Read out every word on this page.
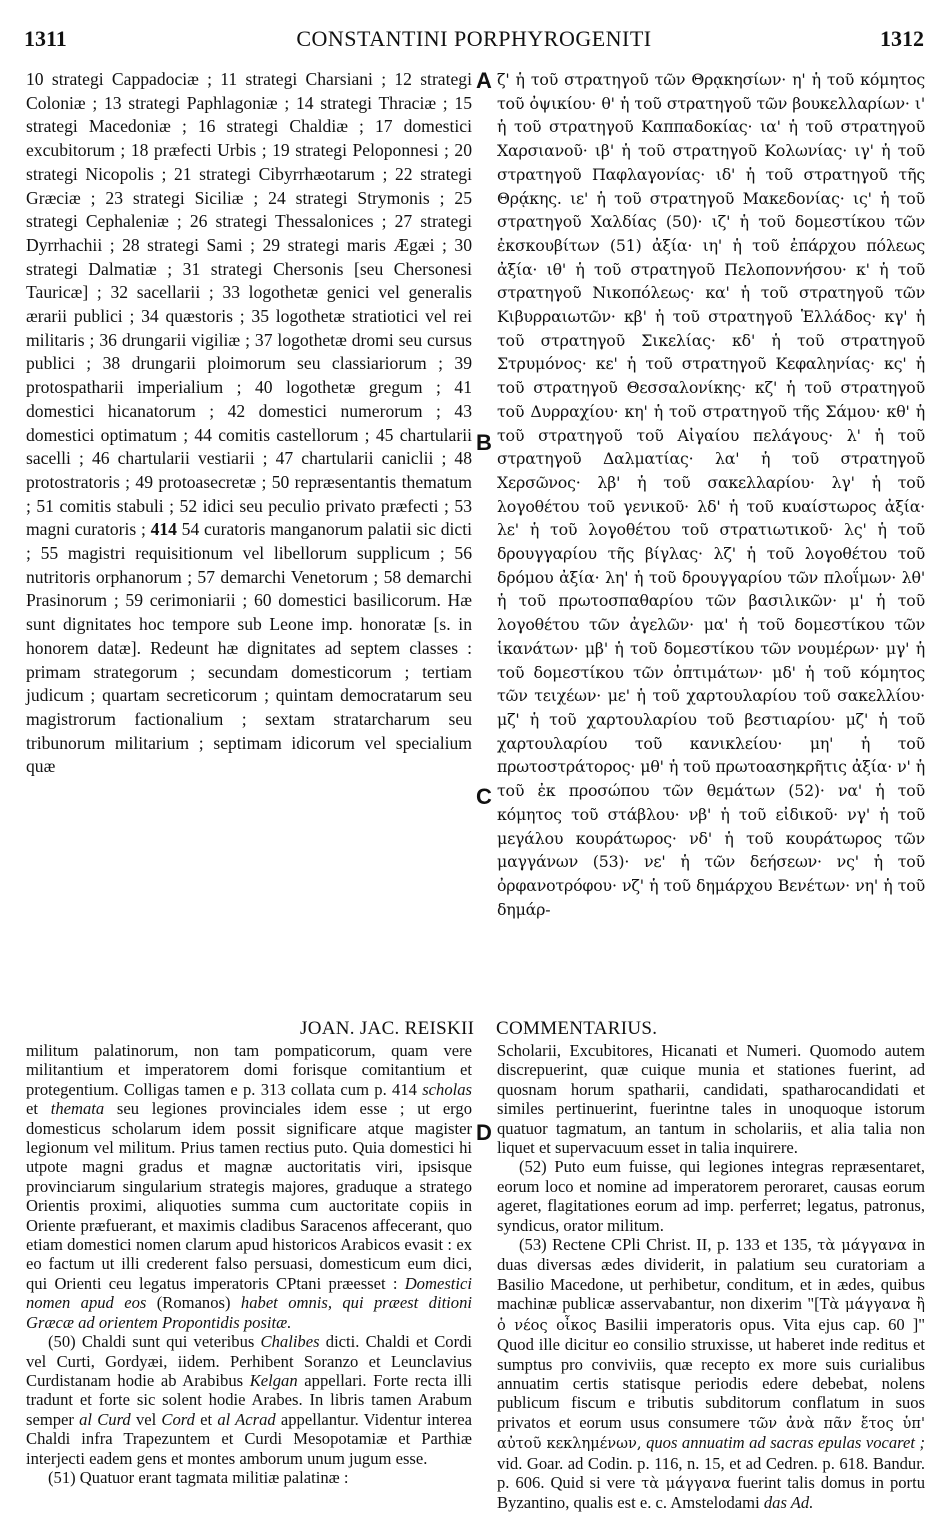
1311	CONSTANTINI PORPHYROGENITI	1312

10 strategi Cappadociæ ; 11 strategi Charsiani ; 12 strategi Coloniæ ; 13 strategi Paphlagoniæ ; 14 strategi Thraciæ ; 15 strategi Macedoniæ ; 16 strategi Chaldiæ ; 17 domestici excubitorum ; 18 præfecti Urbis ; 19 strategi Peloponnesi ; 20 strategi Nicopolis ; 21 strategi Cibyrrhæotarum ; 22 strategi Græciæ ; 23 strategi Siciliæ ; 24 strategi Strymonis ; 25 strategi Cephaleniæ ; 26 strategi Thessalonices ; 27 strategi Dyrrhachii ; 28 strategi Sami ; 29 strategi maris Ægæi ; 30 strategi Dalmatiæ ; 31 strategi Chersonis [seu Chersonesi Tauricæ] ; 32 sacellarii ; 33 logothetæ genici vel generalis ærarii publici ; 34 quæstoris ; 35 logothetæ stratiotici vel rei militaris ; 36 drungarii vigiliæ ; 37 logothetæ dromi seu cursus publici ; 38 drungarii ploimorum seu classiariorum ; 39 protospatharii imperialium ; 40 logothetæ gregum ; 41 domestici hicanatorum ; 42 domestici numerorum ; 43 domestici optimatum ; 44 comitis castellorum ; 45 chartularii sacelli ; 46 chartularii vestiarii ; 47 chartularii caniclii ; 48 protostratoris ; 49 protoasecretæ ; 50 repræsentantis thematum ; 51 comitis stabuli ; 52 idici seu peculio privato præfecti ; 53 magni curatoris ; 414 54 curatoris manganorum palatii sic dicti ; 55 magistri requisitionum vel libellorum supplicum ; 56 nutritoris orphanorum ; 57 demarchi Venetorum ; 58 demarchi Prasinorum ; 59 cerimoniarii ; 60 domestici basilicorum. Hæ sunt dignitates hoc tempore sub Leone imp. honoratæ [s. in honorem datæ]. Redeunt hæ dignitates ad septem classes : primam strategorum ; secundam domesticorum ; tertiam judicum ; quartam secreticorum ; quintam democratarum seu magistrorum factionalium ; sextam stratarcharum seu tribunorum militarium ; septimam idicorum vel specialium quæ

A
B
C
D

ζ' ἡ τοῦ στρατηγοῦ τῶν Θρᾳκησίων· η' ἡ τοῦ κόμητος τοῦ ὀψικίου· θ' ἡ τοῦ στρατηγοῦ τῶν βουκελλαρίων· ι' ἡ τοῦ στρατηγοῦ Καππαδοκίας· ια' ἡ τοῦ στρατηγοῦ Χαρσιανοῦ· ιβ' ἡ τοῦ στρατηγοῦ Κολωνίας· ιγ' ἡ τοῦ στρατηγοῦ Παφλαγονίας· ιδ' ἡ τοῦ στρατηγοῦ τῆς Θρᾴκης. ιε' ἡ τοῦ στρατηγοῦ Μακεδονίας· ις' ἡ τοῦ στρατηγοῦ Χαλδίας (50)· ιζ' ἡ τοῦ δομεστίκου τῶν ἐκσκουβίτων (51) ἀξία· ιη' ἡ τοῦ ἐπάρχου πόλεως ἀξία· ιθ' ἡ τοῦ στρατηγοῦ Πελοποννήσου· κ' ἡ τοῦ στρατηγοῦ Νικοπόλεως· κα' ἡ τοῦ στρατηγοῦ τῶν Κιβυρραιωτῶν· κβ' ἡ τοῦ στρατηγοῦ Ἑλλάδος· κγ' ἡ τοῦ στρατηγοῦ Σικελίας· κδ' ἡ τοῦ στρατηγοῦ Στρυμόνος· κε' ἡ τοῦ στρατηγοῦ Κεφαληνίας· κς' ἡ τοῦ στρατηγοῦ Θεσσαλονίκης· κζ' ἡ τοῦ στρατηγοῦ τοῦ Δυρραχίου· κη' ἡ τοῦ στρατηγοῦ τῆς Σάμου· κθ' ἡ τοῦ στρατηγοῦ τοῦ Αἰγαίου πελάγους· λ' ἡ τοῦ στρατηγοῦ Δαλματίας· λα' ἡ τοῦ στρατηγοῦ Χερσῶνος· λβ' ἡ τοῦ σακελλαρίου· λγ' ἡ τοῦ λογοθέτου τοῦ γενικοῦ· λδ' ἡ τοῦ κυαίστωρος ἀξία· λε' ἡ τοῦ λογοθέτου τοῦ στρατιωτικοῦ· λς' ἡ τοῦ δρουγγαρίου τῆς βίγλας· λζ' ἡ τοῦ λογοθέτου τοῦ δρόμου ἀξία· λη' ἡ τοῦ δρουγγαρίου τῶν πλοΐμων· λθ' ἡ τοῦ πρωτοσπαθαρίου τῶν βασιλικῶν· μ' ἡ τοῦ λογοθέτου τῶν ἀγελῶν· μα' ἡ τοῦ δομεστίκου τῶν ἱκανάτων· μβ' ἡ τοῦ δομεστίκου τῶν νουμέρων· μγ' ἡ τοῦ δομεστίκου τῶν ὀπτιμάτων· μδ' ἡ τοῦ κόμητος τῶν τειχέων· με' ἡ τοῦ χαρτουλαρίου τοῦ σακελλίου· μζ' ἡ τοῦ χαρτουλαρίου τοῦ βεστιαρίου· μζ' ἡ τοῦ χαρτουλαρίου τοῦ κανικλείου· μη' ἡ τοῦ πρωτοστράτορος· μθ' ἡ τοῦ πρωτοασηκρῆτις ἀξία· ν' ἡ τοῦ ἐκ προσώπου τῶν θεμάτων (52)· να' ἡ τοῦ κόμητος τοῦ στάβλου· νβ' ἡ τοῦ εἰδικοῦ· νγ' ἡ τοῦ μεγάλου κουράτωρος· νδ' ἡ τοῦ κουράτωρος τῶν μαγγάνων (53)· νε' ἡ τῶν δεήσεων· νς' ἡ τοῦ ὀρφανοτρόφου· νζ' ἡ τοῦ δημάρχου Βενέτων· νη' ἡ τοῦ δημάρ-

JOAN. JAC. REISKII COMMENTARIUS.

militum palatinorum, non tam pompaticorum, quam vere militantium et imperatorem domi forisque comitantium et protegentium. Colligas tamen e p. 313 collata cum p. 414 scholas et themata seu legiones provinciales idem esse ; ut ergo domesticus scholarum idem possit significare atque magister legionum vel militum. Prius tamen rectius puto. Quia domestici hi utpote magni gradus et magnæ auctoritatis viri, ipsisque provinciarum singularium strategis majores, graduque a stratego Orientis proximi, aliquoties summa cum auctoritate copiis in Oriente præfuerant, et maximis cladibus Saracenos affecerant, quo etiam domestici nomen clarum apud historicos Arabicos evasit : ex eo factum ut illi crederent falso persuasi, domesticum eum dici, qui Orienti ceu legatus imperatoris CPtani præesset : Domestici nomen apud eos (Romanos) habet omnis, qui præest ditioni Græcæ ad orientem Propontidis positæ.

(50) Chaldi sunt qui veteribus Chalibes dicti. Chaldi et Cordi vel Curti, Gordyæi, iidem. Perhibent Soranzo et Leunclavius Curdistanam hodie ab Arabibus Kelgan appellari. Forte recta illi tradunt et forte sic solent hodie Arabes. In libris tamen Arabum semper al Curd vel Cord et al Acrad appellantur. Videntur interea Chaldi infra Trapezuntem et Curdi Mesopotamiæ et Parthiæ interjecti eadem gens et montes amborum unum jugum esse.

(51) Quatuor erant tagmata militiæ palatinæ :

Scholarii, Excubitores, Hicanati et Numeri. Quomodo autem discrepuerint, quæ cuique munia et stationes fuerint, ad quosnam horum spatharii, candidati, spatharocandidati et similes pertinuerint, fuerintne tales in unoquoque istorum quatuor tagmatum, an tantum in scholariis, et alia talia non liquet et supervacuum esset in talia inquirere.

(52) Puto eum fuisse, qui legiones integras repræsentaret, eorum loco et nomine ad imperatorem peroraret, causas eorum ageret, flagitationes eorum ad imp. perferret; legatus, patronus, syndicus, orator militum.

(53) Rectene CPli Christ. II, p. 133 et 135, τὰ μάγγανα in duas diversas ædes dividerit, in palatium seu curatoriam a Basilio Macedone, ut perhibetur, conditum, et in ædes, quibus machinæ publicæ asservabantur, non dixerim "[Τὰ μάγγανα ἢ ὁ νέος οἶκος Basilii imperatoris opus. Vita ejus cap. 60 ]" Quod ille dicitur eo consilio struxisse, ut haberet inde reditus et sumptus pro conviviis, quæ recepto ex more suis curialibus annuatim certis statisque periodis edere debebat, nolens publicum fiscum e tributis subditorum conflatum in suos privatos et eorum usus consumere τῶν ἀνὰ πᾶν ἔτος ὑπ' αὐτοῦ κεκλημένων, quos annuatim ad sacras epulas vocaret ; vid. Goar. ad Codin. p. 116, n. 15, et ad Cedren. p. 618. Bandur. p. 606. Quid si vere τὰ μάγγανα fuerint talis domus in portu Byzantino, qualis est e. c. Amstelodami das Ad.
